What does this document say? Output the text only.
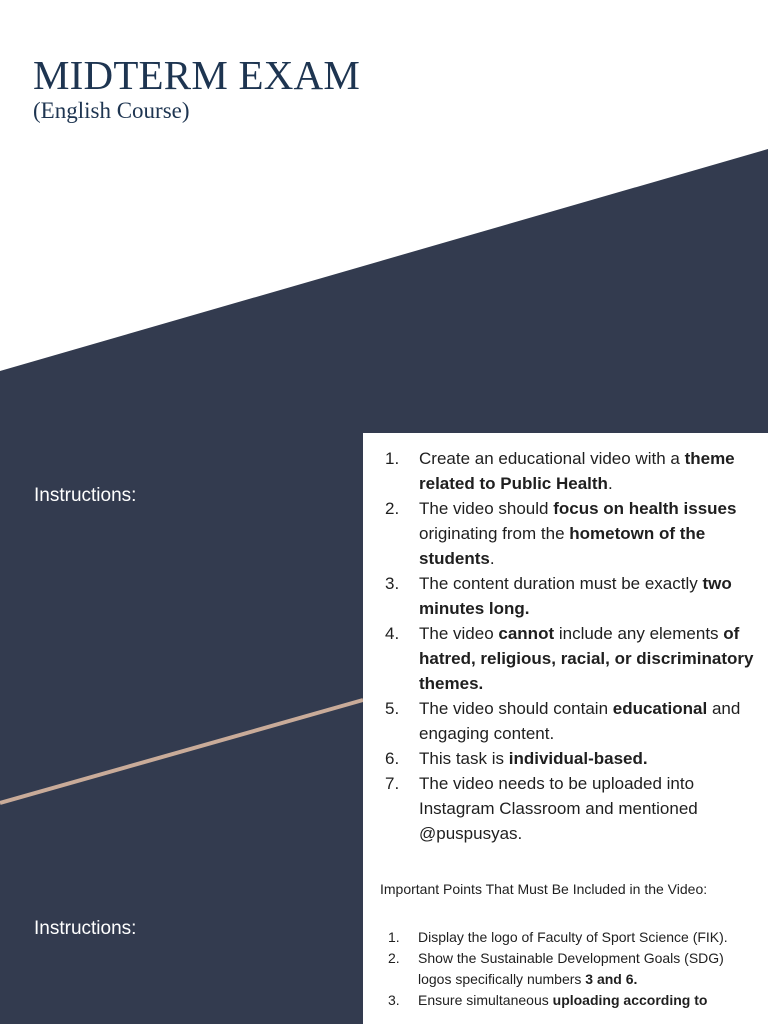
MIDTERM EXAM
(English Course)
Instructions:
Instructions:
1. Create an educational video with a theme related to Public Health.
2. The video should focus on health issues originating from the hometown of the students.
3. The content duration must be exactly two minutes long.
4. The video cannot include any elements of hatred, religious, racial, or discriminatory themes.
5. The video should contain educational and engaging content.
6. This task is individual-based.
7. The video needs to be uploaded into Instagram Classroom and mentioned @puspusyas.
Important Points That Must Be Included in the Video:
1. Display the logo of Faculty of Sport Science (FIK).
2. Show the Sustainable Development Goals (SDG) logos specifically numbers 3 and 6.
3. Ensure simultaneous uploading according to
